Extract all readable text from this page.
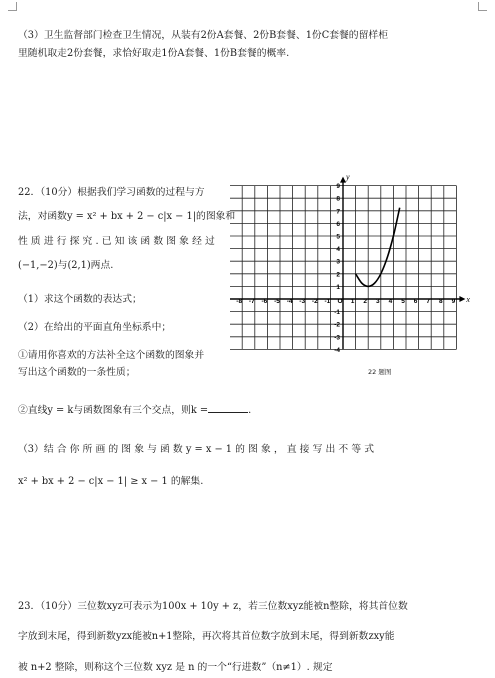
（3）卫生监督部门检查卫生情况，从装有2份A套餐、2份B套餐、1份C套餐的留样柜
里随机取走2份套餐，求恰好取走1份A套餐、1份B套餐的概率.
22．（10分）根据我们学习函数的过程与方
法，对函数y = x² + bx + 2 − c|x − 1|的图象和
性 质 进 行 探 究 . 已 知 该 函 数 图 象 经 过
(−1,−2)与(2,1)两点.
（1）求这个函数的表达式；
（2）在给出的平面直角坐标系中；
①请用你喜欢的方法补全这个函数的图象并
写出这个函数的一条性质；
②直线y = k与函数图象有三个交点，则k =	.
（3）结 合 你 所 画 的 图 象 与 函 数 y = x − 1 的 图 象 ， 直 接 写 出 不 等 式
x² + bx + 2 − c|x − 1| ≥ x − 1 的解集.
x
y
-8 -7 -6 -5 -4 -3 -2 -1 O 1 2 3 4 5 6 7 8 9
9
8
7
6
5
4
3
2
1
-1
-2
-3
-4
22 题图
23．（10分）三位数xyz可表示为100x + 10y + z，若三位数xyz能被n整除，将其首位数
字放到末尾，得到新数yzx能被n+1整除，再次将其首位数字放到末尾，得到新数zxy能
被 n+2 整除，则称这个三位数 xyz 是 n 的一个“行进数”（n≠1）. 规定
